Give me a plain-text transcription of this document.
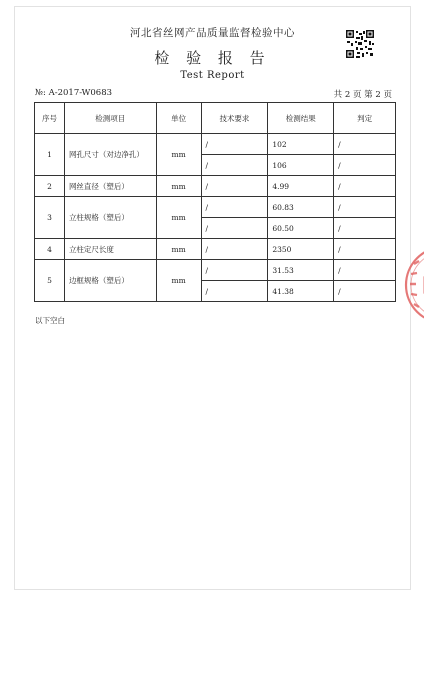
河北省丝网产品质量监督检验中心
检 验 报 告
Test Report
№: A-2017-W0683	共 2 页 第 2 页
序号	检测项目	单位	技术要求	检测结果	判定
1	网孔尺寸（对边净孔）	mm	/	102	/
			/	106	/
2	网丝直径（塑后）	mm	/	4.99	/
3	立柱规格（塑后）	mm	/	60.83	/
			/	60.50	/
4	立柱定尺长度	mm	/	2350	/
5	边框规格（塑后）	mm	/	31.53	/
			/	41.38	/
以下空白
